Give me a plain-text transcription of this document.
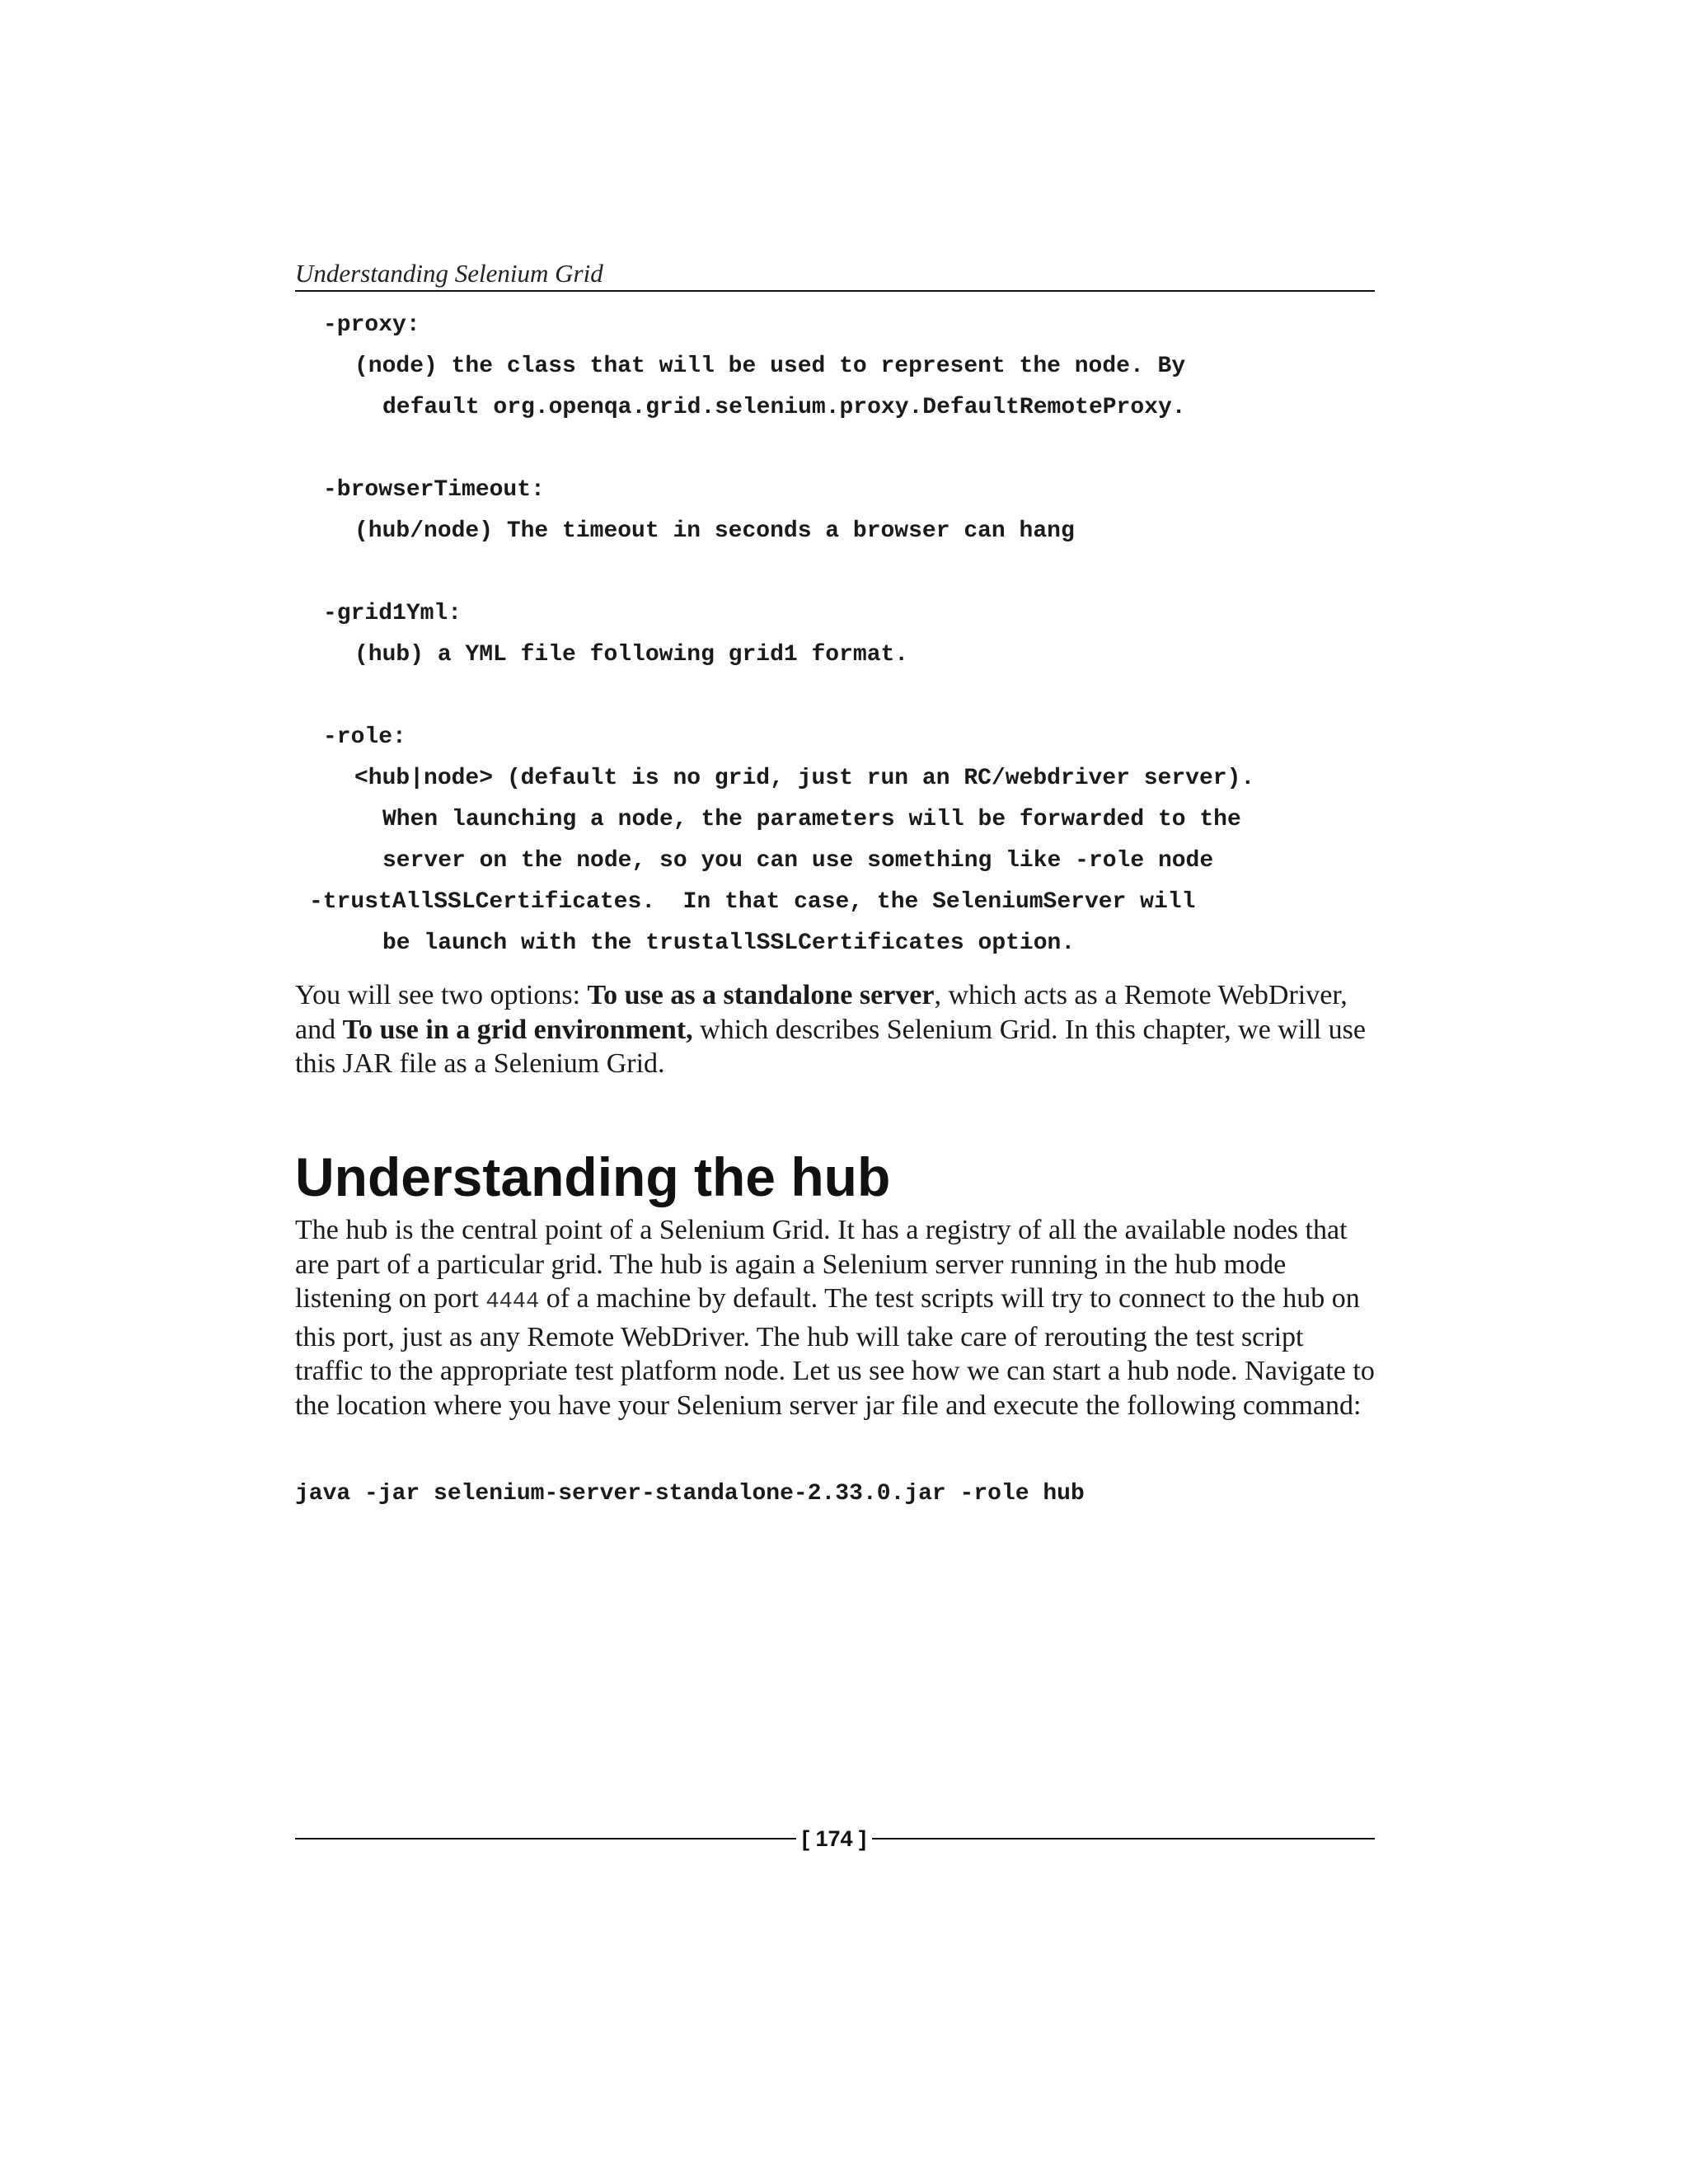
Understanding Selenium Grid
-proxy:
(node) the class that will be used to represent the node. By
default org.openqa.grid.selenium.proxy.DefaultRemoteProxy.
-browserTimeout:
(hub/node) The timeout in seconds a browser can hang
-grid1Yml:
(hub) a YML file following grid1 format.
-role:
<hub|node> (default is no grid, just run an RC/webdriver server).
When launching a node, the parameters will be forwarded to the
server on the node, so you can use something like -role node
-trustAllSSLCertificates.  In that case, the SeleniumServer will
be launch with the trustallSSLCertificates option.

You will see two options: To use as a standalone server, which acts as a Remote WebDriver, and To use in a grid environment, which describes Selenium Grid. In this chapter, we will use this JAR file as a Selenium Grid.

Understanding the hub

The hub is the central point of a Selenium Grid. It has a registry of all the available nodes that are part of a particular grid. The hub is again a Selenium server running in the hub mode listening on port 4444 of a machine by default. The test scripts will try to connect to the hub on this port, just as any Remote WebDriver. The hub will take care of rerouting the test script traffic to the appropriate test platform node. Let us see how we can start a hub node. Navigate to the location where you have your Selenium server jar file and execute the following command:

java -jar selenium-server-standalone-2.33.0.jar -role hub
[ 174 ]
